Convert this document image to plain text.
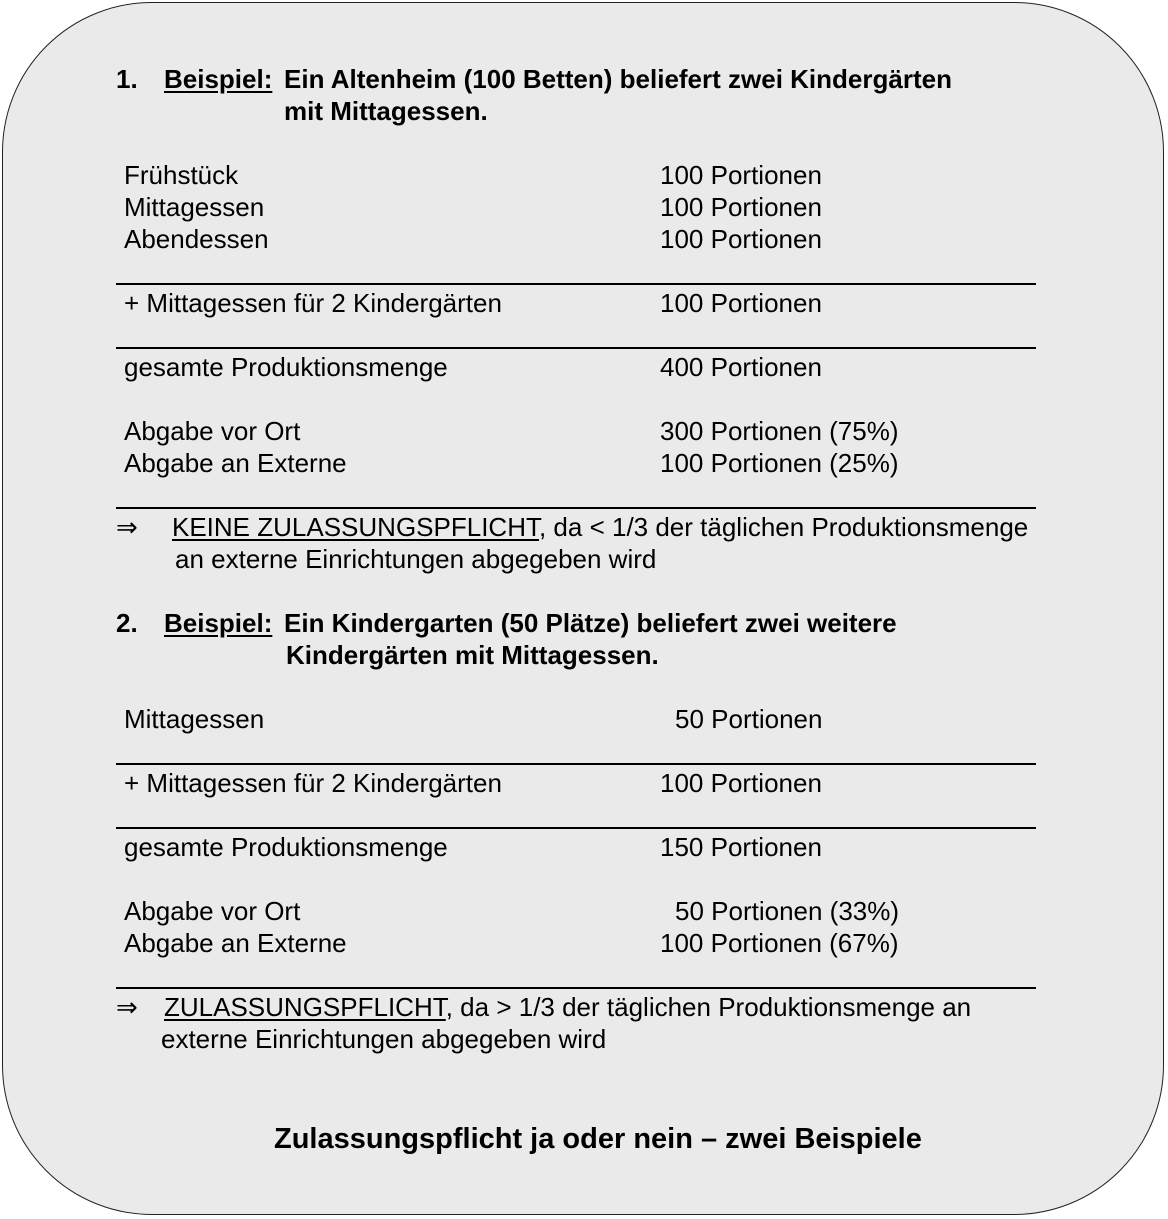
1. Beispiel: Ein Altenheim (100 Betten) beliefert zwei Kindergärten
mit Mittagessen.
Frühstück	100 Portionen
Mittagessen	100 Portionen
Abendessen	100 Portionen
+ Mittagessen für 2 Kindergärten	100 Portionen
gesamte Produktionsmenge	400 Portionen
Abgabe vor Ort	300 Portionen (75%)
Abgabe an Externe	100 Portionen (25%)
⇒ KEINE ZULASSUNGSPFLICHT, da < 1/3 der täglichen Produktionsmenge
an externe Einrichtungen abgegeben wird
2. Beispiel: Ein Kindergarten (50 Plätze) beliefert zwei weitere
Kindergärten mit Mittagessen.
Mittagessen	50 Portionen
+ Mittagessen für 2 Kindergärten	100 Portionen
gesamte Produktionsmenge	150 Portionen
Abgabe vor Ort	50 Portionen (33%)
Abgabe an Externe	100 Portionen (67%)
⇒ ZULASSUNGSPFLICHT, da > 1/3 der täglichen Produktionsmenge an
externe Einrichtungen abgegeben wird
Zulassungspflicht ja oder nein – zwei Beispiele
